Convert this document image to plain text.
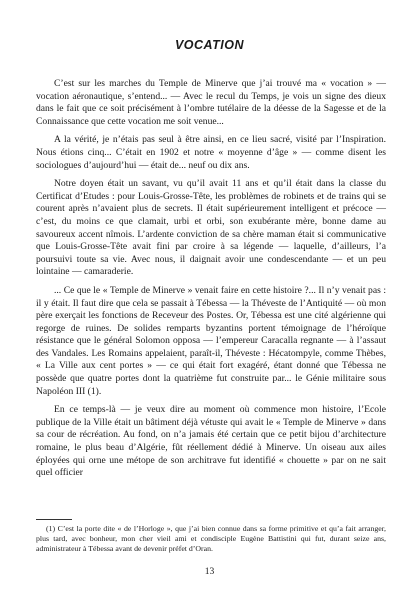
VOCATION

C’est sur les marches du Temple de Minerve que j’ai trouvé ma « vocation » — vocation aéronautique, s’entend... — Avec le recul du Temps, je vois un signe des dieux dans le fait que ce soit précisément à l’ombre tutélaire de la déesse de la Sagesse et de la Connaissance que cette vocation me soit venue...

A la vérité, je n’étais pas seul à être ainsi, en ce lieu sacré, visité par l’Inspiration. Nous étions cinq... C’était en 1902 et notre « moyenne d’âge » — comme disent les sociologues d’aujourd’hui — était de... neuf ou dix ans.

Notre doyen était un savant, vu qu’il avait 11 ans et qu’il était dans la classe du Certificat d’Etudes : pour Louis-Grosse-Tête, les problèmes de robinets et de trains qui se courent après n’avaient plus de secrets. Il était supérieurement intelligent et précoce — c’est, du moins ce que clamait, urbi et orbi, son exubérante mère, bonne dame au savoureux accent nîmois. L’ardente conviction de sa chère maman était si communicative que Louis-Grosse-Tête avait fini par croire à sa légende — laquelle, d’ailleurs, l’a poursuivi toute sa vie. Avec nous, il daignait avoir une condescendante — et un peu lointaine — camaraderie.

... Ce que le « Temple de Minerve » venait faire en cette histoire ?... Il n’y venait pas : il y était. Il faut dire que cela se passait à Tébessa — la Théveste de l’Antiquité — où mon père exerçait les fonctions de Receveur des Postes. Or, Tébessa est une cité algérienne qui regorge de ruines. De solides remparts byzantins portent témoignage de l’héroïque résistance que le général Solomon opposa — l’empereur Caracalla regnante — à l’assaut des Vandales. Les Romains appelaient, paraît-il, Théveste : Hécatompyle, comme Thèbes, « La Ville aux cent portes » — ce qui était fort exagéré, étant donné que Tébessa ne possède que quatre portes dont la quatrième fut construite par... le Génie militaire sous Napoléon III (1).

En ce temps-là — je veux dire au moment où commence mon histoire, l’Ecole publique de la Ville était un bâtiment déjà vétuste qui avait le « Temple de Minerve » dans sa cour de récréation. Au fond, on n’a jamais été certain que ce petit bijou d’architecture romaine, le plus beau d’Algérie, fût réellement dédié à Minerve. Un oiseau aux ailes éployées qui orne une métope de son architrave fut identifié « chouette » par on ne sait quel officier

(1) C’est la porte dite « de l’Horloge », que j’ai bien connue dans sa forme primitive et qu’a fait arranger, plus tard, avec bonheur, mon cher vieil ami et condisciple Eugène Battistini qui fut, durant seize ans, administrateur à Tébessa avant de devenir préfet d’Oran.
13
